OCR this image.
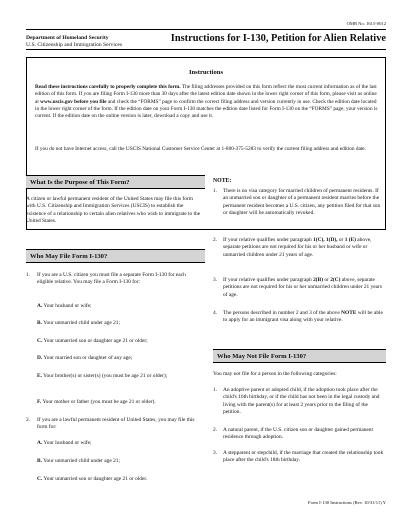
OMB No. 1615-0012
Department of Homeland Security
U.S. Citizenship and Immigration Services
Instructions for I-130, Petition for Alien Relative
Instructions
Read these instructions carefully to properly complete this form. The filing addresses provided on this form reflect the most current information as of the last edition of this form. If you are filing Form I-130 more than 30 days after the latest edition date shown in the lower right corner of this form, please visit us online at www.uscis.gov before you file and check the “FORMS” page to confirm the correct filing address and version currently in use. Check the edition date located in the lower right corner of the form. If the edition date on your Form I-130 matches the edition date listed for Form I-130 on the “FORMS” page, your version is current. If the edition date on the online version is later, download a copy and use it.
If you do not have Internet access, call the USCIS National Customer Service Center at 1-800-375-5283 to verify the current filing address and edition date.
What Is the Purpose of This Form?
A citizen or lawful permanent resident of the United States may file this form with U.S. Citizenship and Immigration Services (USCIS) to establish the existence of a relationship to certain alien relatives who wish to immigrate to the United States.
Who May File Form I-130?
1. If you are a U.S. citizen you must file a separate Form I-130 for each eligible relative. You may file a Form I-130 for:
A. Your husband or wife;
B. Your unmarried child under age 21;
C. Your unmarried son or daughter age 21 or older;
D. Your married son or daughter of any age;
E. Your brother(s) or sister(s) (you must be age 21 or older);
F. Your mother or father (you must be age 21 or older).
2. If you are a lawful permanent resident of United States, you may file this form for:
A. Your husband or wife;
B. Your unmarried child under age 21;
C. Your unmarried son or daughter age 21 or older.
NOTE:
1. There is no visa category for married children of permanent residents. If an unmarried son or daughter of a permanent resident marries before the permanent resident becomes a U.S. citizen, any petition filed for that son or daughter will be automatically revoked.
2. If your relative qualifies under paragraph 1(C), 1(D), or 1 (E) above, separate petitions are not required for his or her husband or wife or unmarried children under 21 years of age.
3. If your relative qualifies under paragraph 2(B) or 2(C) above, separate petitions are not required for his or her unmarried children under 21 years of age.
4. The persons described in number 2 and 3 of the above NOTE will be able to apply for an immigrant visa along with your relative.
Who May Not File Form I-130?
You may not file for a person in the following categories:
1. An adoptive parent or adopted child, if the adoption took place after the child's 16th birthday, or if the child has not been in the legal custody and living with the parent(s) for at least 2 years prior to the filing of the petition.
2. A natural parent, if the U.S. citizen son or daughter gained permanent residence through adoption.
3. A stepparent or stepchild, if the marriage that created the relationship took place after the child's 18th birthday.
Form I-130 Instructions (Rev. 10/31/11) Y
